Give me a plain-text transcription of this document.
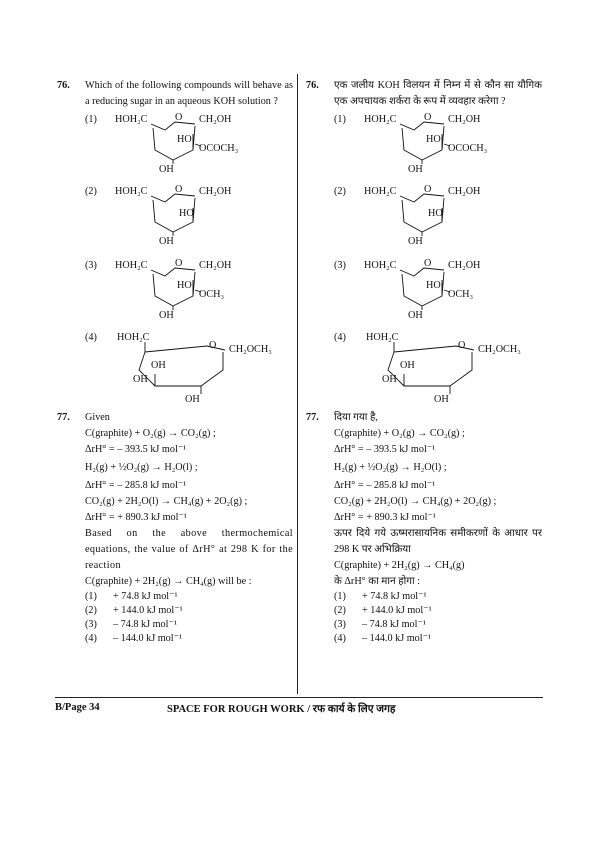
76. Which of the following compounds will behave as a reducing sugar in an aqueous KOH solution ?
(1) HOH₂C	O CH₂OH
HO
OCOCH₃
OH
(2) HOH₂C	O CH₂OH
HO
OH
(3) HOH₂C	O CH₂OH
HO
OCH₃
OH
(4) HOH₂C
O CH₂OCH₃
OH
OH
OH
77. Given
C(graphite) + O₂(g) → CO₂(g) ;
ΔrH° = – 393.5 kJ mol⁻¹
H₂(g) + ½O₂(g) → H₂O(l) ;
ΔrH° = – 285.8 kJ mol⁻¹
CO₂(g) + 2H₂O(l) → CH₄(g) + 2O₂(g) ;
ΔrH° = + 890.3 kJ mol⁻¹
Based on the above thermochemical equations, the value of ΔrH° at 298 K for the reaction
C(graphite) + 2H₂(g) → CH₄(g) will be :
(1) + 74.8 kJ mol⁻¹
(2) + 144.0 kJ mol⁻¹
(3) – 74.8 kJ mol⁻¹
(4) – 144.0 kJ mol⁻¹
76. एक जलीय KOH विलयन में निम्न में से कौन सा यौगिक एक अपचायक शर्करा के रूप में व्यवहार करेगा ?
(1) HOH₂C	O CH₂OH
HO
OCOCH₃
OH
(2) HOH₂C	O CH₂OH
HO
OH
(3) HOH₂C	O CH₂OH
HO
OCH₃
OH
(4) HOH₂C
O CH₂OCH₃
OH
OH
OH
77. दिया गया है,
C(graphite) + O₂(g) → CO₂(g) ;
ΔrH° = – 393.5 kJ mol⁻¹
H₂(g) + ½O₂(g) → H₂O(l) ;
ΔrH° = – 285.8 kJ mol⁻¹
CO₂(g) + 2H₂O(l) → CH₄(g) + 2O₂(g) ;
ΔrH° = + 890.3 kJ mol⁻¹
ऊपर दिये गये ऊष्मरासायनिक समीकरणों के आधार पर 298 K पर अभिक्रिया
C(graphite) + 2H₂(g) → CH₄(g)
के ΔrH° का मान होगा :
(1) + 74.8 kJ mol⁻¹
(2) + 144.0 kJ mol⁻¹
(3) – 74.8 kJ mol⁻¹
(4) – 144.0 kJ mol⁻¹
B/Page 34	SPACE FOR ROUGH WORK / रफ कार्य के लिए जगह
